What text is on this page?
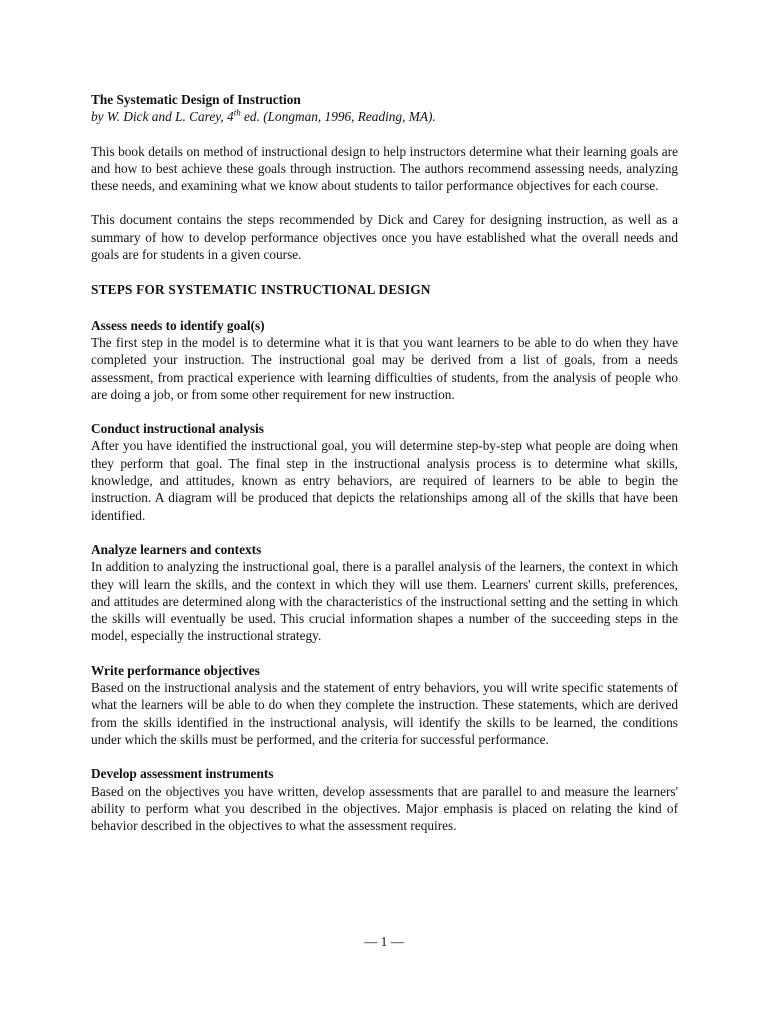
The Systematic Design of Instruction

by W. Dick and L. Carey, 4th ed. (Longman, 1996, Reading, MA).

This book details on method of instructional design to help instructors determine what their learning goals are and how to best achieve these goals through instruction. The authors recommend assessing needs, analyzing these needs, and examining what we know about students to tailor performance objectives for each course.

This document contains the steps recommended by Dick and Carey for designing instruction, as well as a summary of how to develop performance objectives once you have established what the overall needs and goals are for students in a given course.

STEPS FOR SYSTEMATIC INSTRUCTIONAL DESIGN

Assess needs to identify goal(s)

The first step in the model is to determine what it is that you want learners to be able to do when they have completed your instruction. The instructional goal may be derived from a list of goals, from a needs assessment, from practical experience with learning difficulties of students, from the analysis of people who are doing a job, or from some other requirement for new instruction.

Conduct instructional analysis

After you have identified the instructional goal, you will determine step-by-step what people are doing when they perform that goal. The final step in the instructional analysis process is to determine what skills, knowledge, and attitudes, known as entry behaviors, are required of learners to be able to begin the instruction. A diagram will be produced that depicts the relationships among all of the skills that have been identified.

Analyze learners and contexts

In addition to analyzing the instructional goal, there is a parallel analysis of the learners, the context in which they will learn the skills, and the context in which they will use them. Learners' current skills, preferences, and attitudes are determined along with the characteristics of the instructional setting and the setting in which the skills will eventually be used. This crucial information shapes a number of the succeeding steps in the model, especially the instructional strategy.

Write performance objectives

Based on the instructional analysis and the statement of entry behaviors, you will write specific statements of what the learners will be able to do when they complete the instruction. These statements, which are derived from the skills identified in the instructional analysis, will identify the skills to be learned, the conditions under which the skills must be performed, and the criteria for successful performance.

Develop assessment instruments

Based on the objectives you have written, develop assessments that are parallel to and measure the learners' ability to perform what you described in the objectives. Major emphasis is placed on relating the kind of behavior described in the objectives to what the assessment requires.

— 1 —
